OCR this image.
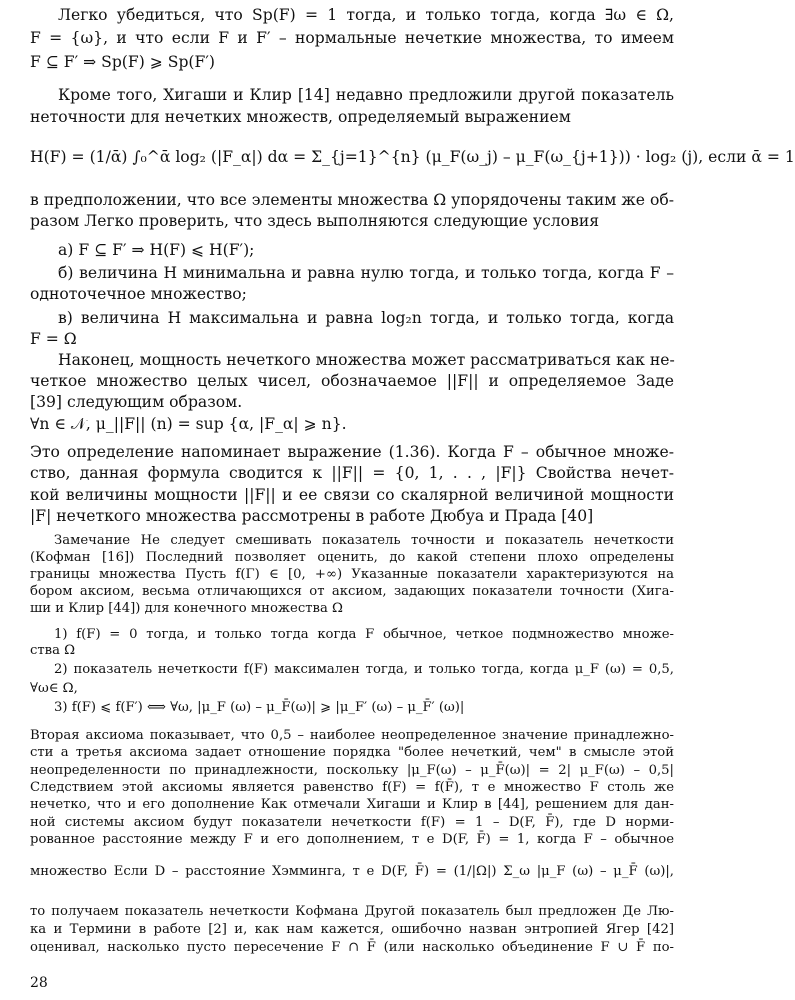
Легко убедиться, что Sp(F) = 1 тогда, и только тогда, когда ∃ω ∈ Ω,
F = {ω}, и что если F и F′ – нормальные нечеткие множества, то имеем
F ⊆ F′ ⇒ Sp(F) ⩾ Sp(F′)
Кроме того, Хигаши и Клир [14] недавно предложили другой показатель
неточности для нечетких множеств, определяемый выражением
H(F) = (1/ᾱ) ∫₀^ᾱ log₂ (|F_α|) dα = Σ_{j=1}^{n} (μ_F(ω_j) – μ_F(ω_{j+1})) · log₂ (j), если ᾱ = 1
в предположении, что все элементы множества Ω упорядочены таким же об-
разом Легко проверить, что здесь выполняются следующие условия
а) F ⊆ F′ ⇒ H(F) ⩽ H(F′);
б) величина H минимальна и равна нулю тогда, и только тогда, когда F –
одноточечное множество;
в) величина H максимальна и равна log₂n тогда, и только тогда, когда
F = Ω
Наконец, мощность нечеткого множества может рассматриваться как не-
четкое множество целых чисел, обозначаемое ||F|| и определяемое Заде
[39] следующим образом.
∀n ∈ 𝒩, μ_||F|| (n) = sup {α, |F_α| ⩾ n}.
Это определение напоминает выражение (1.36). Когда F – обычное множе-
ство, данная формула сводится к ||F|| = {0, 1, . . , |F|} Свойства нечет-
кой величины мощности ||F|| и ее связи со скалярной величиной мощности
|F| нечеткого множества рассмотрены в работе Дюбуа и Прада [40]
Замечание Не следует смешивать показатель точности и показатель нечеткости
(Кофман [16]) Последний позволяет оценить, до какой степени плохо определены
границы множества Пусть f(Γ) ∈ [0, +∞) Указанные показатели характеризуются на
бором аксиом, весьма отличающихся от аксиом, задающих показатели точности (Хига-
ши и Клир [44]) для конечного множества Ω
1) f(F) = 0 тогда, и только тогда когда F обычное, четкое подмножество множе-
ства Ω
2) показатель нечеткости f(F) максимален тогда, и только тогда, когда μ_F (ω) = 0,5,
∀ω∈ Ω,
3) f(F) ⩽ f(F′) ⟺ ∀ω, |μ_F (ω) – μ_F̄(ω)| ⩾ |μ_F′ (ω) – μ_F̄′ (ω)|
Вторая аксиома показывает, что 0,5 – наиболее неопределенное значение принадлежно-
сти а третья аксиома задает отношение порядка "более нечеткий, чем" в смысле этой
неопределенности по принадлежности, поскольку |μ_F(ω) – μ_F̄(ω)| = 2| μ_F(ω) – 0,5|
Следствием этой аксиомы является равенство f(F) = f(F̄), т е множество F столь же
нечетко, что и его дополнение Как отмечали Хигаши и Клир в [44], решением для дан-
ной системы аксиом будут показатели нечеткости f(F) = 1 – D(F, F̄), где D норми-
рованное расстояние между F и его дополнением, т е D(F, F̄) = 1, когда F – обычное
множество Если D – расстояние Хэмминга, т е D(F, F̄) = (1/|Ω|) Σ_ω |μ_F (ω) – μ_F̄ (ω)|,
то получаем показатель нечеткости Кофмана Другой показатель был предложен Де Лю-
ка и Термини в работе [2] и, как нам кажется, ошибочно назван энтропией Ягер [42]
оценивал, насколько пусто пересечение F ∩ F̄ (или насколько объединение F ∪ F̄ по-
28
